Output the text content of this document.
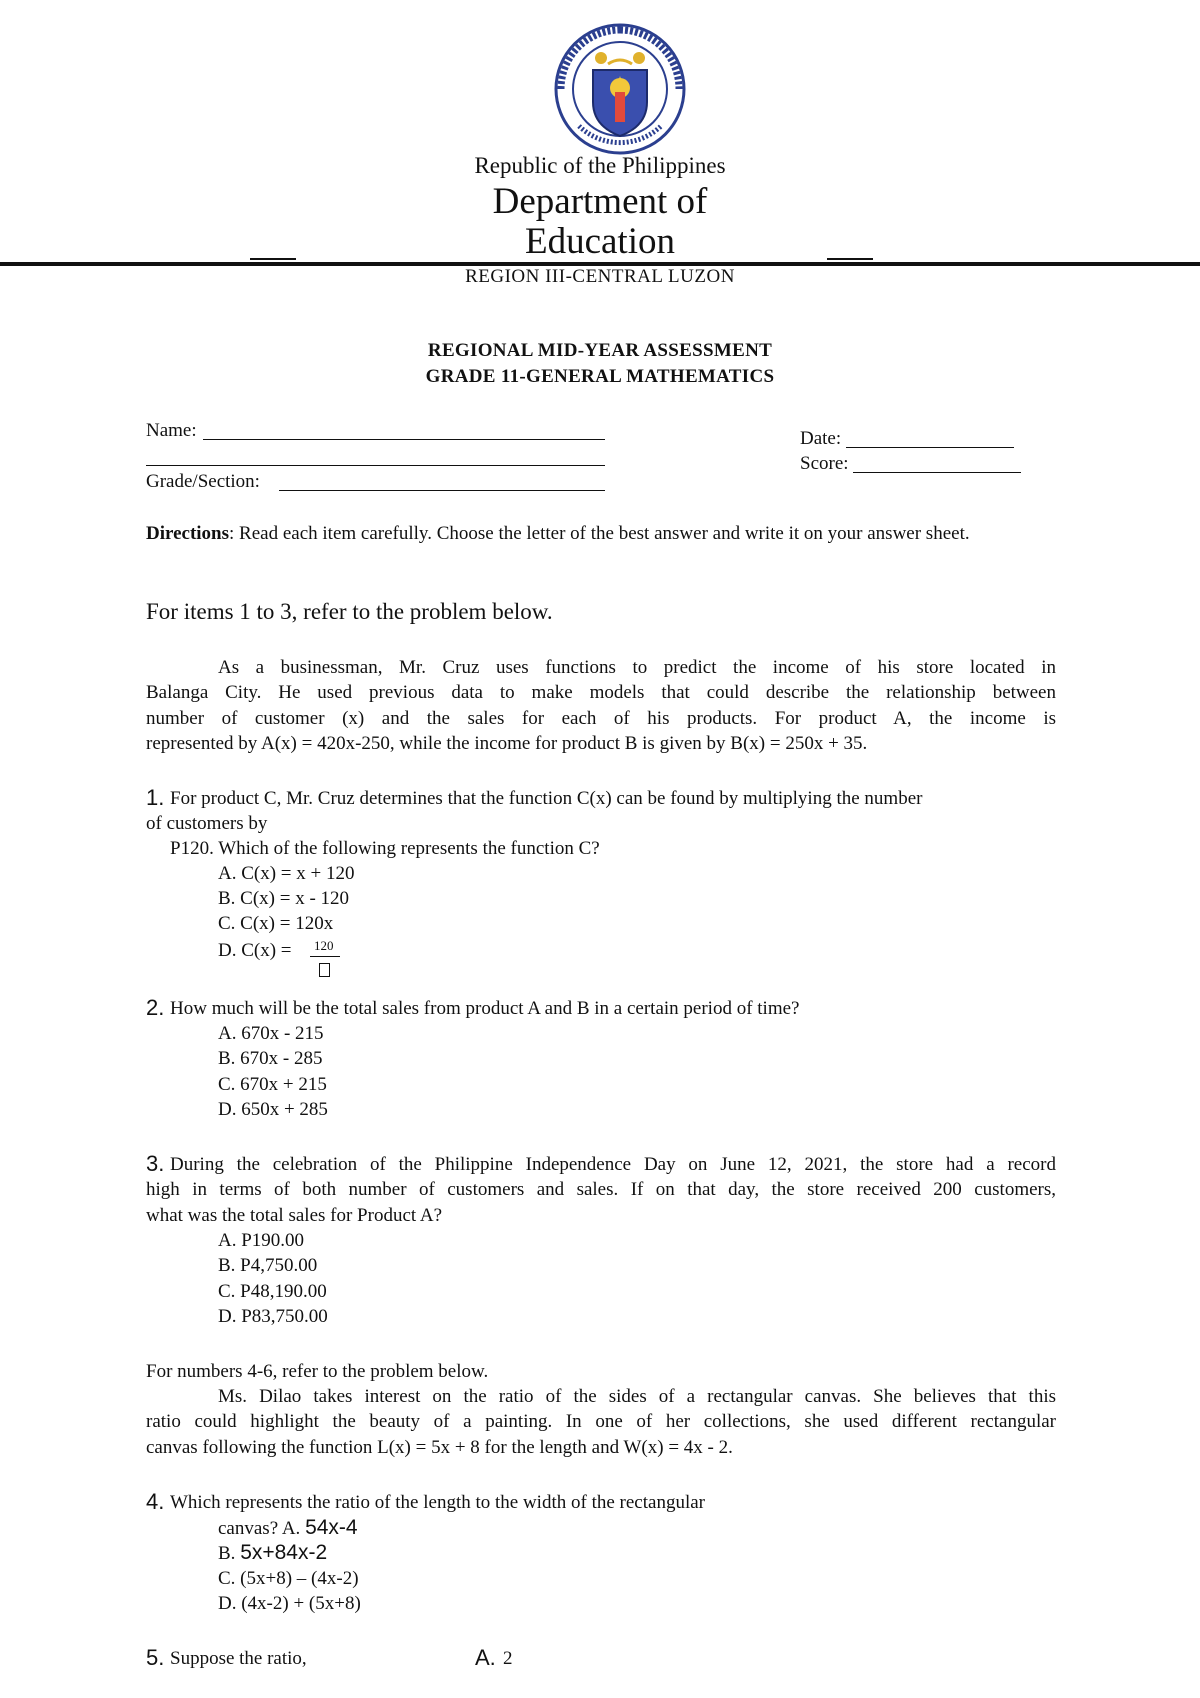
Republic of the Philippines
Department of
Education
REGION III-CENTRAL LUZON
REGIONAL MID-YEAR ASSESSMENT
GRADE 11-GENERAL MATHEMATICS
Name:
Grade/Section:
Date:
Score:
Directions: Read each item carefully. Choose the letter of the best answer and write it on your answer sheet.
For items 1 to 3, refer to the problem below.
As a businessman, Mr. Cruz uses functions to predict the income of his store located in
Balanga City. He used previous data to make models that could describe the relationship between
number of customer (x) and the sales for each of his products. For product A, the income is
represented by A(x) = 420x-250, while the income for product B is given by B(x) = 250x + 35.
1. For product C, Mr. Cruz determines that the function C(x) can be found by multiplying the number
of customers by
P120. Which of the following represents the function C?
A. C(x) = x + 120
B. C(x) = x - 120
C. C(x) = 120x
D. C(x) = 120
2. How much will be the total sales from product A and B in a certain period of time?
A. 670x - 215
B. 670x - 285
C. 670x + 215
D. 650x + 285
3. During the celebration of the Philippine Independence Day on June 12, 2021, the store had a record
high in terms of both number of customers and sales. If on that day, the store received 200 customers,
what was the total sales for Product A?
A. P190.00
B. P4,750.00
C. P48,190.00
D. P83,750.00
For numbers 4-6, refer to the problem below.
Ms. Dilao takes interest on the ratio of the sides of a rectangular canvas. She believes that this
ratio could highlight the beauty of a painting. In one of her collections, she used different rectangular
canvas following the function L(x) = 5x + 8 for the length and W(x) = 4x - 2.
4. Which represents the ratio of the length to the width of the rectangular
canvas? A. 54x-4
B. 5x+84x-2
C. (5x+8) – (4x-2)
D. (4x-2) + (5x+8)
5. Suppose the ratio,	A. 2
